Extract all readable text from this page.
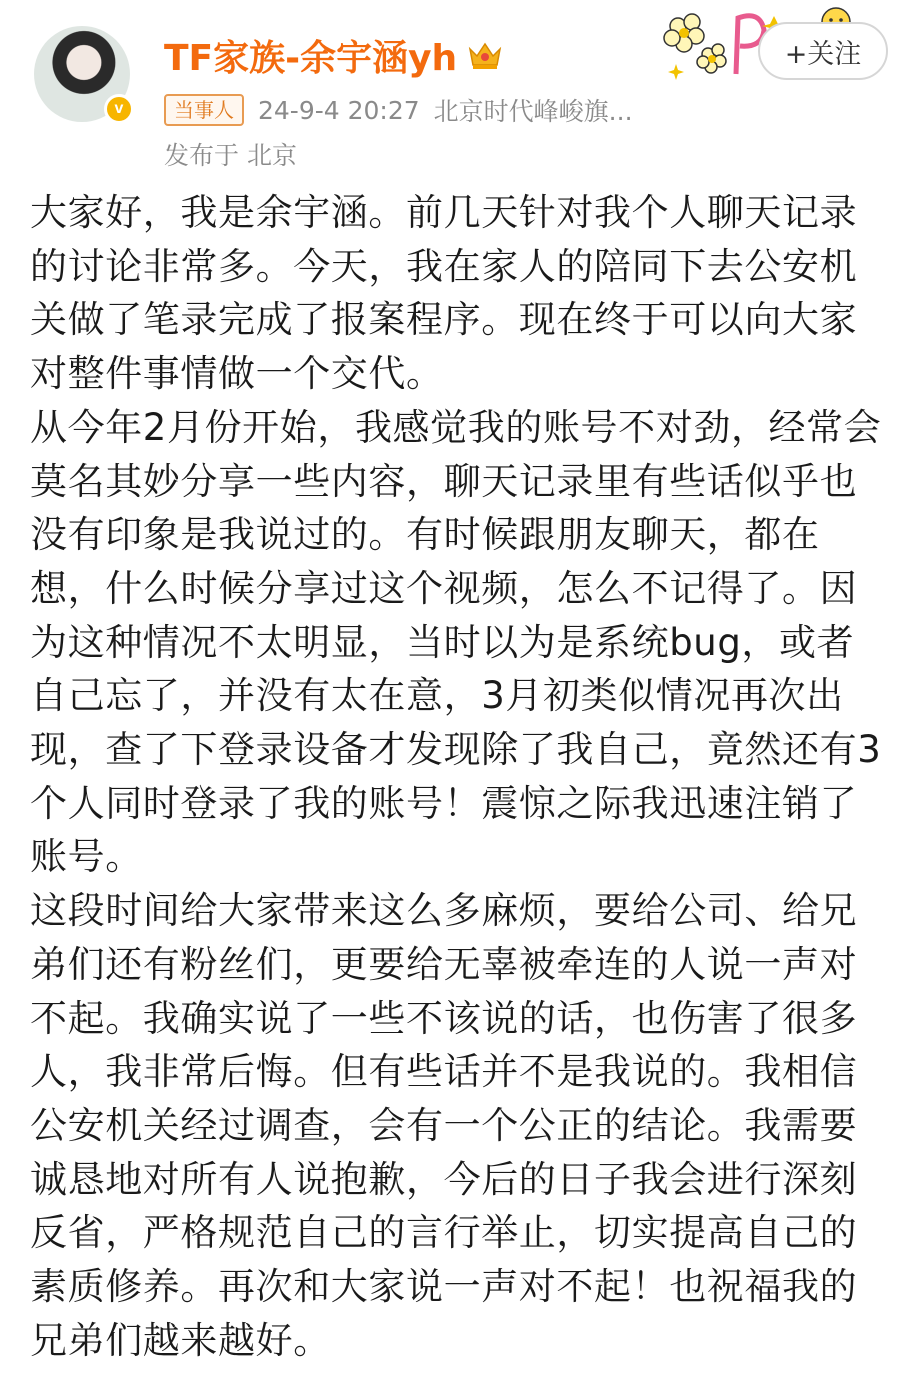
v
TF家族-余宇涵yh
当事人 24-9-4 20:27 北京时代峰峻旗...
发布于 北京
+关注

大家好，我是余宇涵。前几天针对我个人聊天记录的讨论非常多。今天，我在家人的陪同下去公安机关做了笔录完成了报案程序。现在终于可以向大家对整件事情做一个交代。

从今年2月份开始，我感觉我的账号不对劲，经常会莫名其妙分享一些内容，聊天记录里有些话似乎也没有印象是我说过的。有时候跟朋友聊天，都在想，什么时候分享过这个视频，怎么不记得了。因为这种情况不太明显，当时以为是系统bug，或者自己忘了，并没有太在意，3月初类似情况再次出现，查了下登录设备才发现除了我自己，竟然还有3个人同时登录了我的账号！震惊之际我迅速注销了账号。

这段时间给大家带来这么多麻烦，要给公司、给兄弟们还有粉丝们，更要给无辜被牵连的人说一声对不起。我确实说了一些不该说的话，也伤害了很多人，我非常后悔。但有些话并不是我说的。我相信公安机关经过调查，会有一个公正的结论。我需要诚恳地对所有人说抱歉，今后的日子我会进行深刻反省，严格规范自己的言行举止，切实提高自己的素质修养。再次和大家说一声对不起！也祝福我的兄弟们越来越好。
